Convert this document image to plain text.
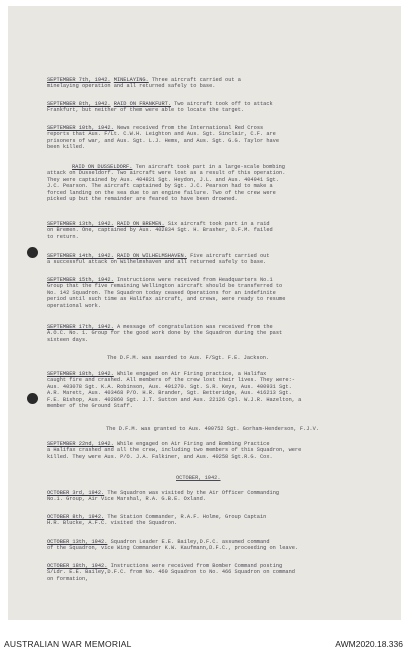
SEPTEMBER 7th, 1942. MINELAYING. Three aircraft carried out a
minelaying operation and all returned safely to base.
SEPTEMBER 8th, 1942. RAID ON FRANKFURT. Two aircraft took off to attack
Frankfurt, but neither of them were able to locate the target.
SEPTEMBER 10th, 1942. News received from the International Red Cross
reports that Aus. F/Lt. C.W.H. Leighton and Aus. Sgt. Sinclair, C.F. are
prisoners of war, and Aus. Sgt. L.J. Hems, and Aus. Sgt. G.G. Taylor have
been killed.
RAID ON DUSSELDORF. Ten aircraft took part in a large-scale bombing
attack on Dusseldorf. Two aircraft were lost as a result of this operation.
They were captained by Aus. 404821 Sgt. Heydon, J.L. and Aus. 404941 Sgt.
J.C. Pearson. The aircraft captained by Sgt. J.C. Pearson had to make a
forced landing on the sea due to an engine failure. Two of the crew were
picked up but the remainder are feared to have been drowned.
SEPTEMBER 13th, 1942. RAID ON BREMEN. Six aircraft took part in a raid
on Bremen. One, captained by Aus. 402834 Sgt. H. Brasher, D.F.M. failed
to return.
SEPTEMBER 14th, 1942. RAID ON WILHELMSHAVEN. Five aircraft carried out
a successful attack on Wilhelmshaven and all returned safely to base.
SEPTEMBER 15th, 1942. Instructions were received from Headquarters No.1
Group that the five remaining Wellington aircraft should be transferred to
No. 142 Squadron. The Squadron today ceased Operations for an indefinite
period until such time as Halifax aircraft, and crews, were ready to resume
operational work.
SEPTEMBER 17th, 1942. A message of congratulation was received from the
A.O.C. No. 1. Group for the good work done by the Squadron during the past
sixteen days.
The D.F.M. was awarded to Aus. F/Sgt. F.E. Jackson.
SEPTEMBER 18th, 1942. While engaged on Air Firing practice, a Halifax
caught fire and crashed. All members of the crew lost their lives. They were:-
Aus. 403078 Sgt. K.A. Robinson, Aus. 401270. Sgt. S.R. Keys, Aus. 400931 Sgt.
A.R. Marett, Aus. 403468 P/O. H.R. Brander, Sgt. Betteridge, Aus. 416213 Sgt.
F.E. Bishop, Aus. 402860 Sgt. J.T. Sutton and Aus. 22126 Cpl. W.J.R. Hazelton, a
member of the Ground Staff.
The D.F.M. was granted to Aus. 400752 Sgt. Gorham-Henderson, F.J.V.
SEPTEMBER 22nd, 1942. While engaged on Air Firing and Bombing Practice
a Halifax crashed and all the crew, including two members of this Squadron, were
killed. They were Aus. P/O. J.A. Falkiner, and Aus. 40258 Sgt.R.G. Cox.
OCTOBER, 1942.
OCTOBER 3rd, 1942. The Squadron was visited by the Air Officer Commanding
No.1. Group, Air Vice Marshal, R.A. G.B.E. Oxland.
OCTOBER 8th, 1942. The Station Commander, R.A.F. Holme, Group Captain
H.R. Blucke, A.F.C. visited the Squadron.
OCTOBER 13th, 1942. Squadron Leader E.E. Bailey,D.F.C. assumed command
of the Squadron, vice Wing Commander K.W. Kaufmann,D.F.C., proceeding on leave.
OCTOBER 18th, 1942. Instructions were received from Bomber Command posting
S/Ldr. E.E. Bailey,D.F.C. from No. 460 Squadron to No. 466 Squadron on command
on formation,
AUSTRALIAN WAR MEMORIAL	AWM2020.18.336
